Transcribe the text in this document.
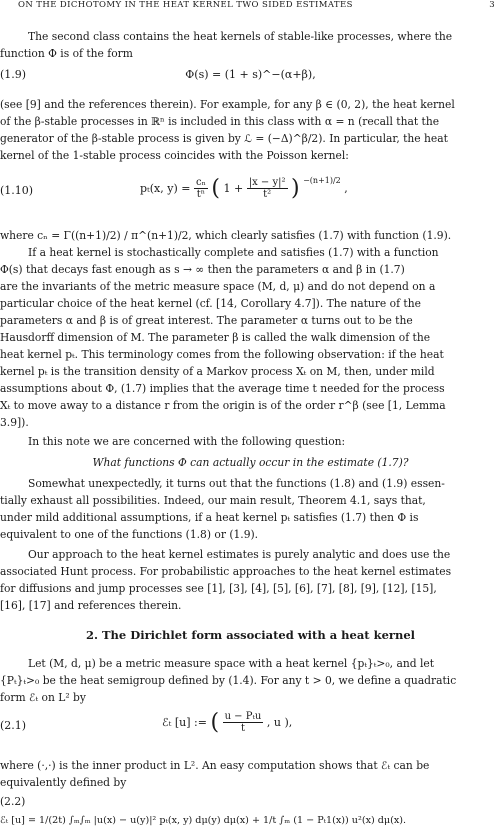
ON THE DICHOTOMY IN THE HEAT KERNEL TWO SIDED ESTIMATES	3
The second class contains the heat kernels of stable-like processes, where the
function Φ is of the form
(1.9)	Φ(s) = (1 + s)^−(α+β),
(see [9] and the references therein). For example, for any β ∈ (0, 2), the heat kernel
of the β-stable processes in ℝⁿ is included in this class with α = n (recall that the
generator of the β-stable process is given by ℒ = (−Δ)^β/2). In particular, the heat
kernel of the 1-stable process coincides with the Poisson kernel:
(1.10)	pₜ(x, $y) = \frac{\text{cₙ}}{\text{tⁿ}}$ ( $1 + \frac{\text{|x − y|²}}{\text{t²}}$ ) $^{-(n+1)/2}$ ,
where cₙ = Γ((n+1)/2) / π^(n+1)/2, which clearly satisfies (1.7) with function (1.9).
If a heat kernel is stochastically complete and satisfies (1.7) with a function
Φ(s) that decays fast enough as s → ∞ then the parameters α and β in (1.7)
are the invariants of the metric measure space (M, d, μ) and do not depend on a
particular choice of the heat kernel (cf. [14, Corollary 4.7]). The nature of the
parameters α and β is of great interest. The parameter α turns out to be the
Hausdorff dimension of M. The parameter β is called the walk dimension of the
heat kernel pₜ. This terminology comes from the following observation: if the heat
kernel pₜ is the transition density of a Markov process Xₜ on M, then, under mild
assumptions about Φ, (1.7) implies that the average time t needed for the process
Xₜ to move away to a distance r from the origin is of the order r^β (see [1, Lemma
3.9]).
In this note we are concerned with the following question:
What functions Φ can actually occur in the estimate (1.7)?
Somewhat unexpectedly, it turns out that the functions (1.8) and (1.9) essen-
tially exhaust all possibilities. Indeed, our main result, Theorem 4.1, says that,
under mild additional assumptions, if a heat kernel pₜ satisfies (1.7) then Φ is
equivalent to one of the functions (1.8) or (1.9).
Our approach to the heat kernel estimates is purely analytic and does use the
associated Hunt process. For probabilistic approaches to the heat kernel estimates
for diffusions and jump processes see [1], [3], [4], [5], [6], [7], [8], [9], [12], [15],
[16], [17] and references therein.
2. The Dirichlet form associated with a heat kernel
Let (M, d, μ) be a metric measure space with a heat kernel {pₜ}ₜ>₀, and let
{Pₜ}ₜ>₀ be the heat semigroup defined by (1.4). For any t > 0, we define a quadratic
form ℰₜ on L² by
(2.1)	ℰₜ [u] := ( $\frac{\text{u − Pₜu}}{t}$ , u ),
where (·,·) is the inner product in L². An easy computation shows that ℰₜ can be
equivalently defined by
(2.2)
ℰₜ [u] = 1/(2t) ∫ₘ∫ₘ |u(x) − u(y)|² pₜ(x, y) dμ(y) dμ(x) + 1/t ∫ₘ (1 − Pₜ1(x)) u²(x) dμ(x).
